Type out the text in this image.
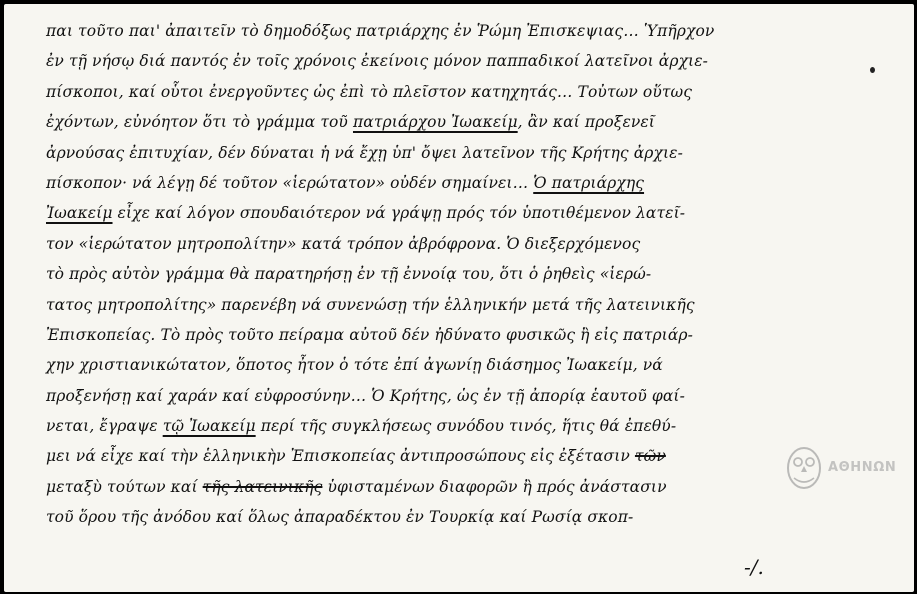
παι τοῦτο παι' ἀπαιτεῖν τὸ δημοδόξως πατριάρχης ἐν Ῥώμη Ἐπισκεψιας… Ὑπῆρχον
ἐν τῇ νήσῳ διά παντός ἐν τοῖς χρόνοις ἐκείνοις μόνον παππαδικοί λατεῖνοι ἀρχιε-
πίσκοποι, καί οὗτοι ἐνεργοῦντες ὡς ἐπὶ τὸ πλεῖστον κατηχητάς… Τοὐτων οὕτως
ἐχόντων, εὐνόητον ὅτι τὸ γράμμα τοῦ πατριάρχου Ἰωακείμ, ἂν καί προξενεῖ
ἀρνούσας ἐπιτυχίαν, δέν δύναται ἡ νά ἔχῃ ὑπ' ὄψει λατεῖνον τῆς Κρήτης ἀρχιε-
πίσκοπον· νά λέγῃ δέ τοῦτον «ἱερώτατον» οὐδέν σημαίνει… Ὁ πατριάρχης
Ἰωακείμ εἶχε καί λόγον σπουδαιότερον νά γράψῃ πρός τόν ὑποτιθέμενον λατεῖ-
τον «ἱερώτατον μητροπολίτην» κατά τρόπον ἀβρόφρονα. Ὁ διεξερχόμενος
τὸ πρὸς αὐτὸν γράμμα θὰ παρατηρήσῃ ἐν τῇ ἐννοίᾳ του, ὅτι ὁ ῥηθεὶς «ἱερώ-
τατος μητροπολίτης» παρενέβη νά συνενώσῃ τήν ἑλληνικήν μετά τῆς λατεινικῆς
Ἐπισκοπείας. Τὸ πρὸς τοῦτο πείραμα αὐτοῦ δέν ἠδύνατο φυσικῶς ἢ εἰς πατριάρ-
χην χριστιανικώτατον, ὅποτος ἦτον ὁ τότε ἐπί ἀγωνίῃ διάσημος Ἰωακείμ, νά
προξενήσῃ καί χαράν καί εὐφροσύνην… Ὁ Κρήτης, ὡς ἐν τῇ ἀπορίᾳ ἑαυτοῦ φαί-
νεται, ἔγραψε τῷ Ἰωακείμ περί τῆς συγκλήσεως συνόδου τινός, ἥτις θά ἐπεθύ-
μει νά εἶχε καί τὴν ἑλληνικὴν Ἐπισκοπείας ἀντιπροσώπους εἰς ἐξέτασιν τῶν
μεταξὺ τούτων καί τῆς λατεινικῆς ὑφισταμένων διαφορῶν ἢ πρός ἀνάστασιν
τοῦ ὅρου τῆς ἀνόδου καί ὅλως ἀπαραδέκτου ἐν Τουρκίᾳ καί Ρωσίᾳ σκοπ-
-/.
ΑΘΗΝΩΝ
